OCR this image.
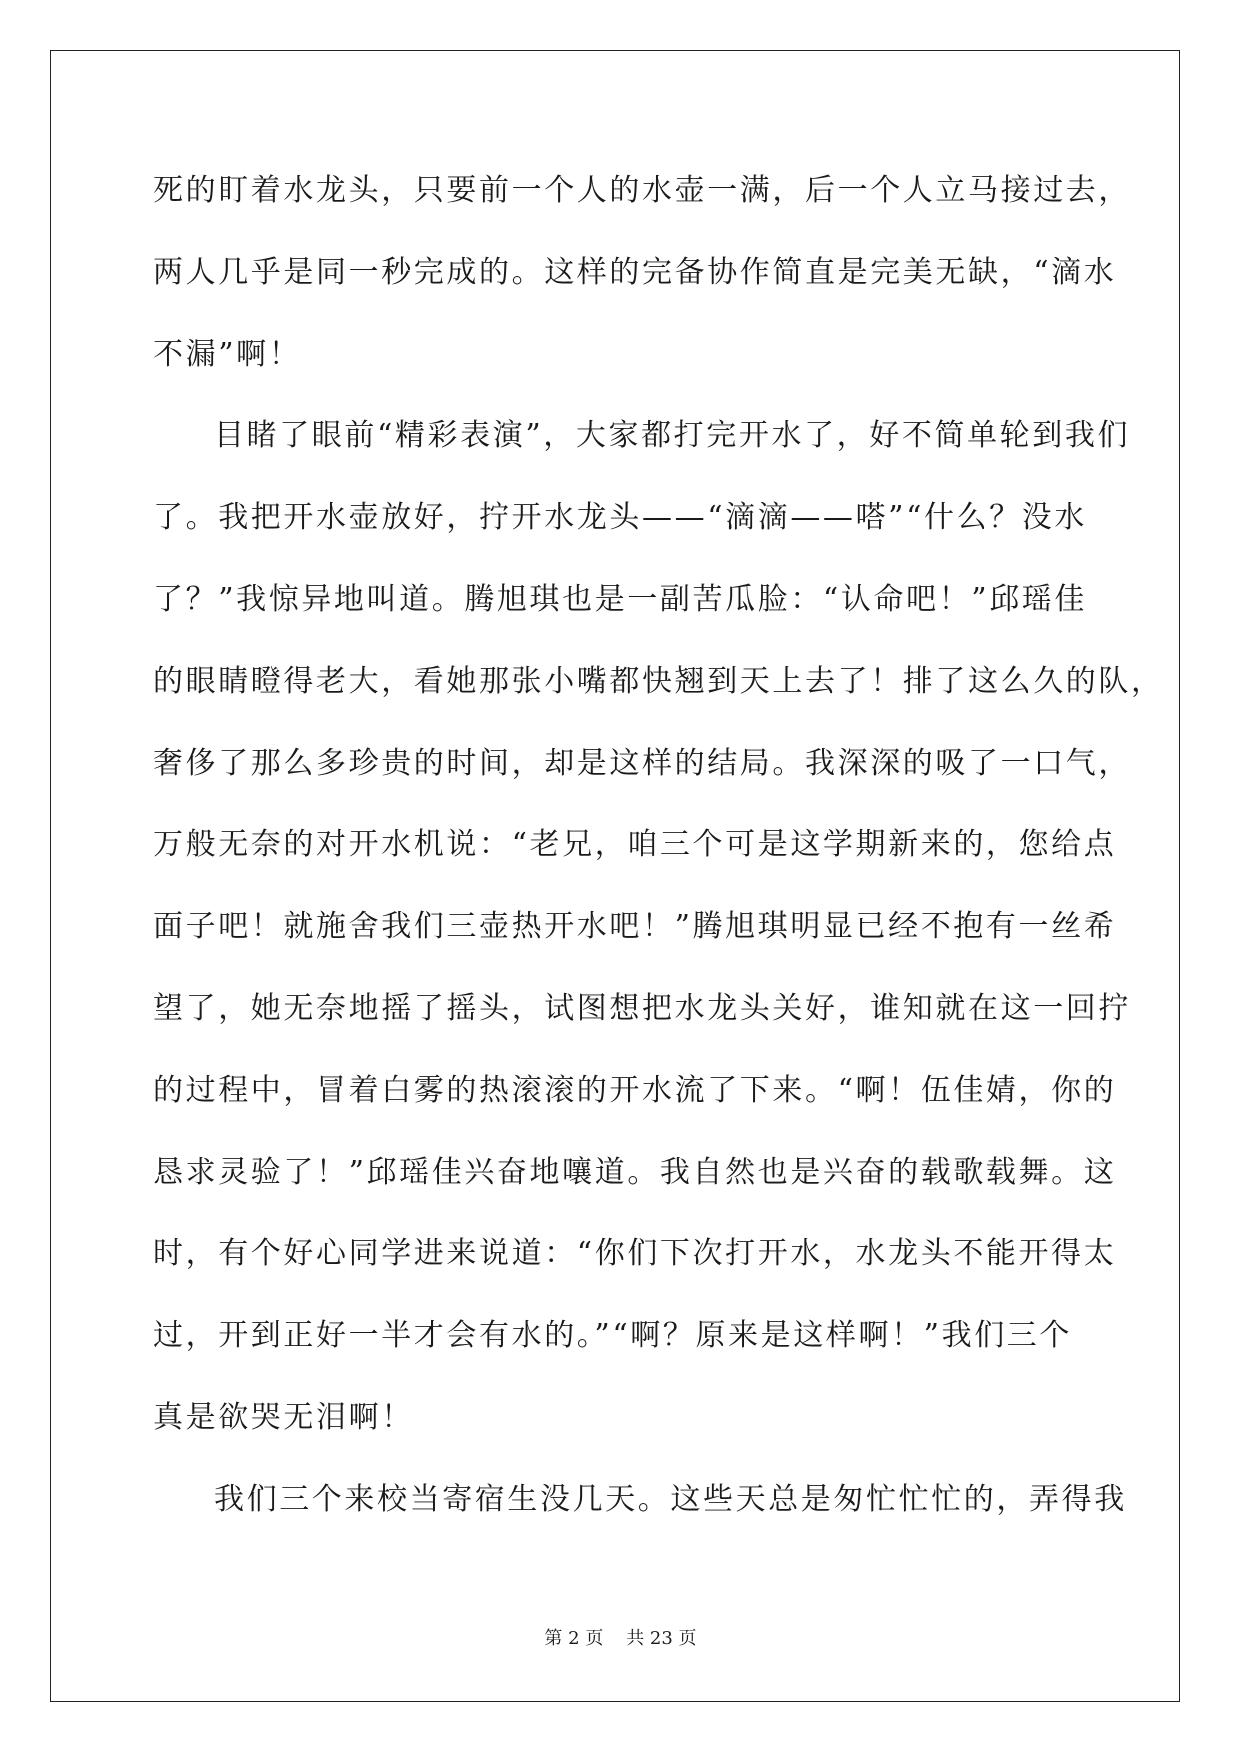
死的盯着水龙头，只要前一个人的水壶一满，后一个人立马接过去，
两人几乎是同一秒完成的。这样的完备协作简直是完美无缺，“滴水
不漏”啊！
目睹了眼前“精彩表演”，大家都打完开水了，好不简单轮到我们
了。我把开水壶放好，拧开水龙头——“滴滴——嗒”“什么？没水
了？”我惊异地叫道。腾旭琪也是一副苦瓜脸：“认命吧！”邱瑶佳
的眼睛瞪得老大，看她那张小嘴都快翘到天上去了！排了这么久的队，
奢侈了那么多珍贵的时间，却是这样的结局。我深深的吸了一口气，
万般无奈的对开水机说：“老兄，咱三个可是这学期新来的，您给点
面子吧！就施舍我们三壶热开水吧！”腾旭琪明显已经不抱有一丝希
望了，她无奈地摇了摇头，试图想把水龙头关好，谁知就在这一回拧
的过程中，冒着白雾的热滚滚的开水流了下来。“啊！伍佳婧，你的
恳求灵验了！”邱瑶佳兴奋地嚷道。我自然也是兴奋的载歌载舞。这
时，有个好心同学进来说道：“你们下次打开水，水龙头不能开得太
过，开到正好一半才会有水的。”“啊？原来是这样啊！”我们三个
真是欲哭无泪啊！
我们三个来校当寄宿生没几天。这些天总是匆忙忙忙的，弄得我
第 2 页    共 23 页
